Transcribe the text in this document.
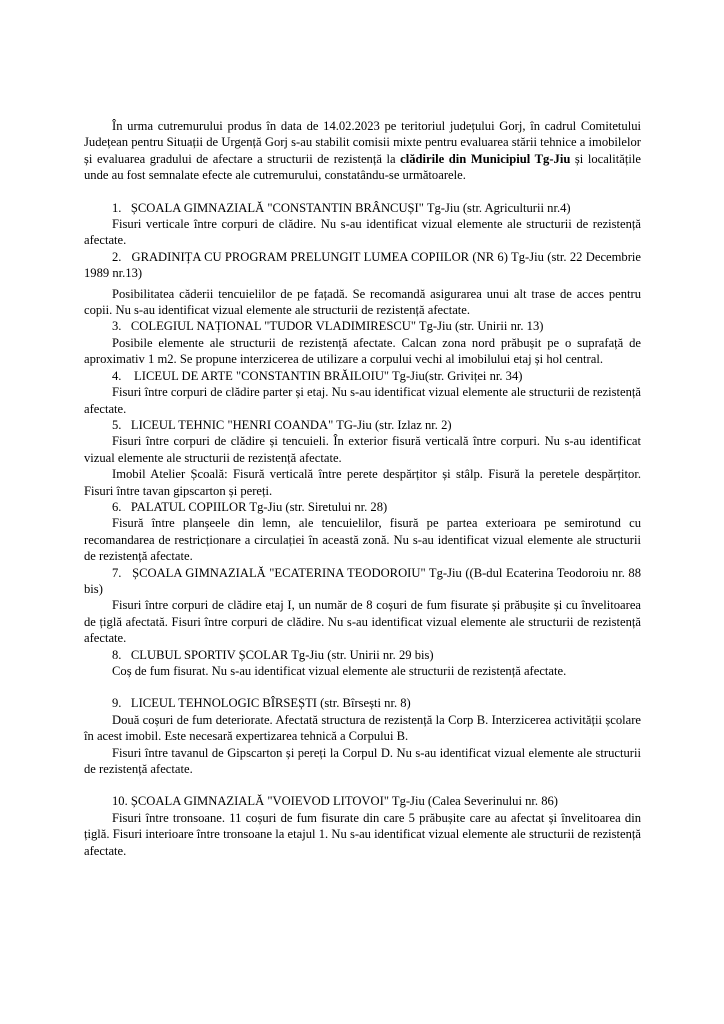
În urma cutremurului produs în data de 14.02.2023 pe teritoriul județului Gorj, în cadrul Comitetului Județean pentru Situații de Urgență Gorj s-au stabilit comisii mixte pentru evaluarea stării tehnice a imobilelor și evaluarea gradului de afectare a structurii de rezistență la clădirile din Municipiul Tg-Jiu și localitățile unde au fost semnalate efecte ale cutremurului, constatându-se următoarele.

1. ȘCOALA GIMNAZIALĂ "CONSTANTIN BRÂNCUȘI" Tg-Jiu (str. Agriculturii nr.4)

Fisuri verticale între corpuri de clădire. Nu s-au identificat vizual elemente ale structurii de rezistență afectate.

2. GRADINIȚA CU PROGRAM PRELUNGIT LUMEA COPIILOR (NR 6) Tg-Jiu (str. 22 Decembrie 1989 nr.13)

Posibilitatea căderii tencuielilor de pe fațadă. Se recomandă asigurarea unui alt trase de acces pentru copii. Nu s-au identificat vizual elemente ale structurii de rezistență afectate.

3. COLEGIUL NAȚIONAL "TUDOR VLADIMIRESCU" Tg-Jiu (str. Unirii nr. 13)

Posibile elemente ale structurii de rezistență afectate. Calcan zona nord prăbușit pe o suprafață de aproximativ 1 m2. Se propune interzicerea de utilizare a corpului vechi al imobilului etaj și hol central.

4.    LICEUL DE ARTE "CONSTANTIN BRĂILOIU" Tg-Jiu(str. Griviței nr. 34)

Fisuri între corpuri de clădire parter și etaj. Nu s-au identificat vizual elemente ale structurii de rezistență afectate.

5. LICEUL TEHNIC "HENRI COANDA" TG-Jiu (str. Izlaz nr. 2)

Fisuri între corpuri de clădire și tencuieli. În exterior fisură verticală între corpuri. Nu s-au identificat vizual elemente ale structurii de rezistență afectate.

Imobil Atelier Școală: Fisură verticală între perete despărțitor și stâlp. Fisură la peretele despărțitor. Fisuri între tavan gipscarton și pereți.

6. PALATUL COPIILOR Tg-Jiu (str. Siretului nr. 28)

Fisură între planșeele din lemn, ale tencuielilor, fisură pe partea exterioara pe semirotund cu recomandarea de restricționare a circulației în această zonă. Nu s-au identificat vizual elemente ale structurii de rezistență afectate.

7. ȘCOALA GIMNAZIALĂ "ECATERINA TEODOROIU" Tg-Jiu ((B-dul Ecaterina Teodoroiu nr. 88 bis)

Fisuri între corpuri de clădire etaj I, un număr de 8 coșuri de fum fisurate și prăbușite și cu învelitoarea de țiglă afectată. Fisuri între corpuri de clădire. Nu s-au identificat vizual elemente ale structurii de rezistență afectate.

8. CLUBUL SPORTIV ȘCOLAR Tg-Jiu (str. Unirii nr. 29 bis)

Coș de fum fisurat. Nu s-au identificat vizual elemente ale structurii de rezistență afectate.

9. LICEUL TEHNOLOGIC BÎRSEȘTI (str. Bîrsești nr. 8)

Două coșuri de fum deteriorate. Afectată structura de rezistență la Corp B. Interzicerea activității școlare în acest imobil. Este necesară expertizarea tehnică a Corpului B.

Fisuri între tavanul de Gipscarton și pereți la Corpul D. Nu s-au identificat vizual elemente ale structurii de rezistență afectate.

10. ȘCOALA GIMNAZIALĂ "VOIEVOD LITOVOI" Tg-Jiu (Calea Severinului nr. 86)

Fisuri între tronsoane. 11 coșuri de fum fisurate din care 5 prăbușite care au afectat și învelitoarea din țiglă. Fisuri interioare între tronsoane la etajul 1. Nu s-au identificat vizual elemente ale structurii de rezistență afectate.
